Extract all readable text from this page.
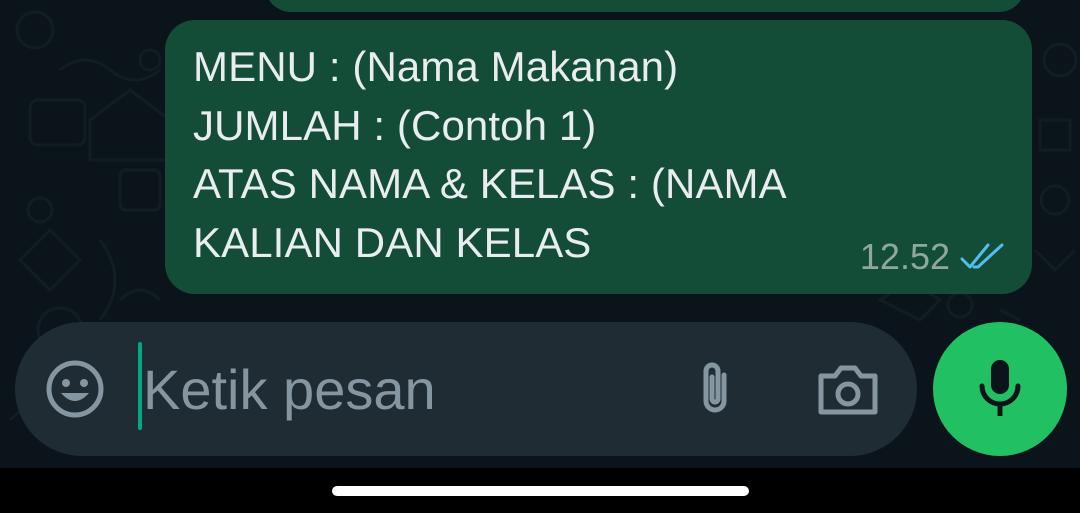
MENU : (Nama Makanan)
JUMLAH : (Contoh 1)
ATAS NAMA & KELAS : (NAMA
KALIAN DAN KELAS	12.52
Ketik pesan
